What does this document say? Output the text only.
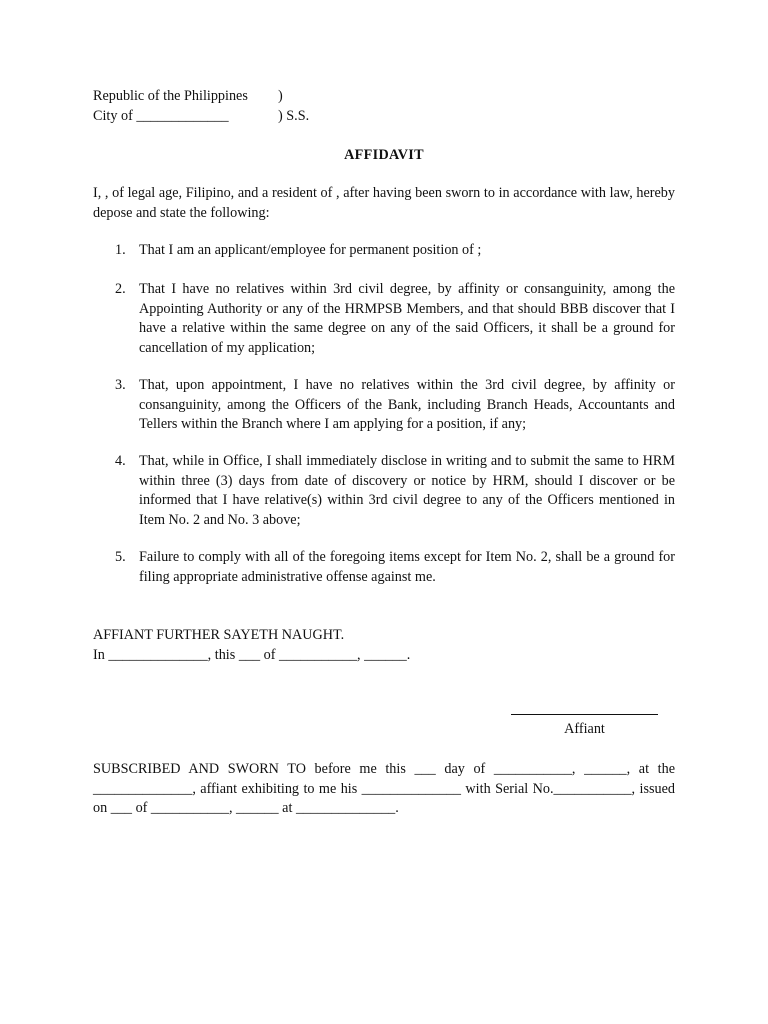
Republic of the Philippines )
City of _____________	) S.S.
AFFIDAVIT
I, , of legal age, Filipino, and a resident of , after having been sworn to in accordance with law, hereby depose and state the following:
1. That I am an applicant/employee for permanent position of ;
2. That I have no relatives within 3rd civil degree, by affinity or consanguinity, among the Appointing Authority or any of the HRMPSB Members, and that should BBB discover that I have a relative within the same degree on any of the said Officers, it shall be a ground for cancellation of my application;
3. That, upon appointment, I have no relatives within the 3rd civil degree, by affinity or consanguinity, among the Officers of the Bank, including Branch Heads, Accountants and Tellers within the Branch where I am applying for a position, if any;
4. That, while in Office, I shall immediately disclose in writing and to submit the same to HRM within three (3) days from date of discovery or notice by HRM, should I discover or be informed that I have relative(s) within 3rd civil degree to any of the Officers mentioned in Item No. 2 and No. 3 above;
5. Failure to comply with all of the foregoing items except for Item No. 2, shall be a ground for filing appropriate administrative offense against me.
AFFIANT FURTHER SAYETH NAUGHT.
In ______________, this ___ of ___________, ______.
Affiant
SUBSCRIBED AND SWORN TO before me this ___ day of ___________, ______, at the ______________, affiant exhibiting to me his ______________ with Serial No.___________, issued on ___ of ___________, ______ at ______________.
